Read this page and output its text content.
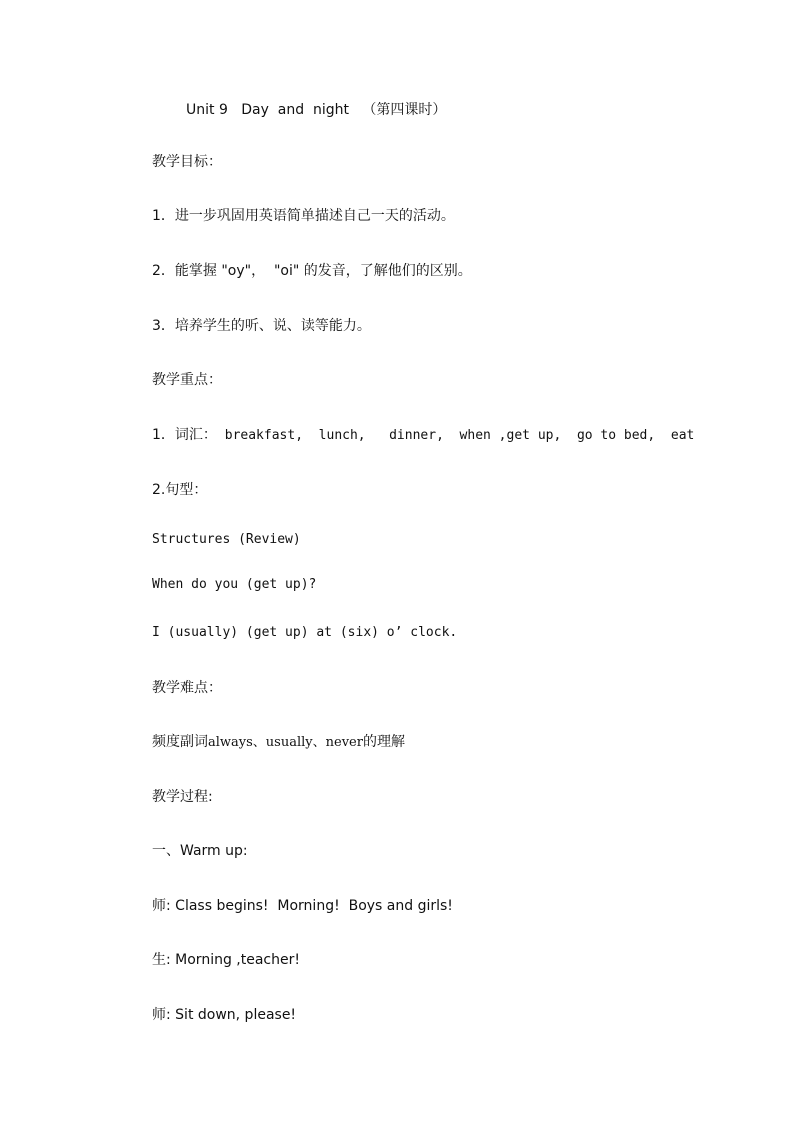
Unit 9   Day  and  night   （第四课时）
教学目标：
1．进一步巩固用英语简单描述自己一天的活动。
2．能掌握 "oy"，  "oi" 的发音，了解他们的区别。
3．培养学生的听、说、读等能力。
教学重点：
1．词汇： breakfast,  lunch,   dinner,  when ,get up,  go to bed,  eat
2.句型：
Structures (Review)
When do you (get up)?
I (usually) (get up) at (six) o’ clock.
教学难点：
频度副词always、usually、never的理解
教学过程:
一、Warm up:
师: Class begins!  Morning!  Boys and girls!
生: Morning ,teacher!
师: Sit down, please!
